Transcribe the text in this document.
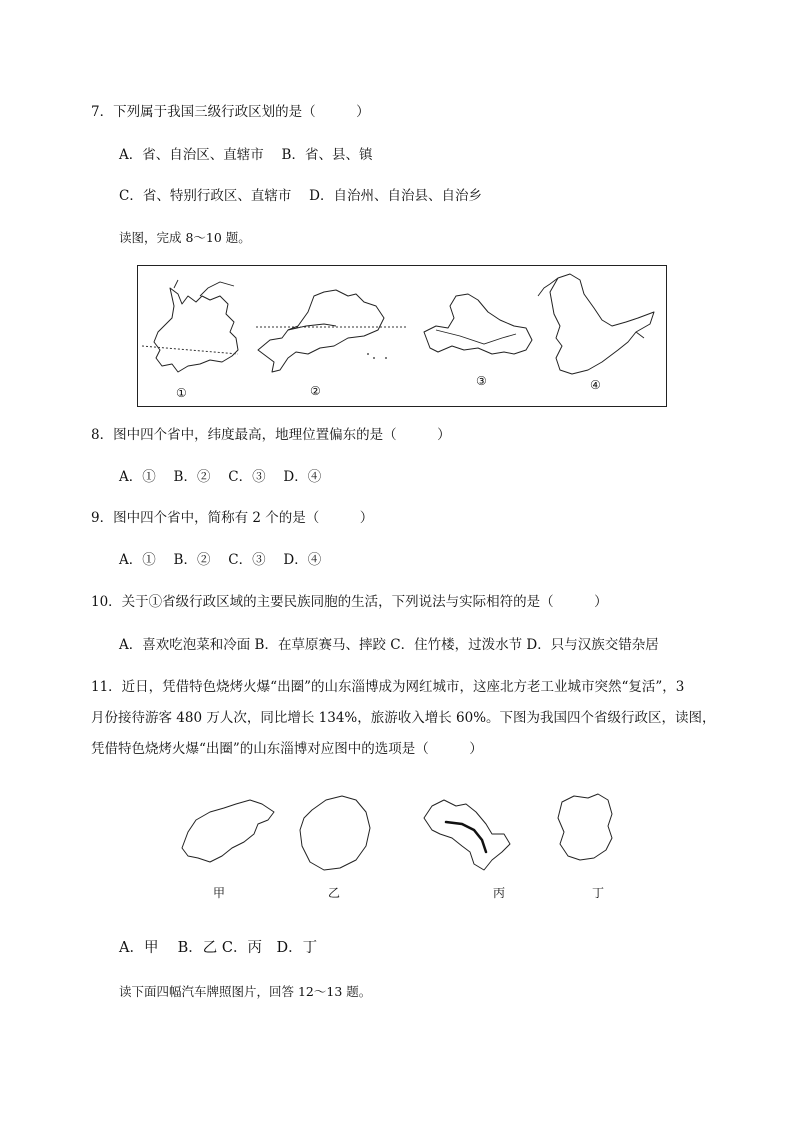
7．下列属于我国三级行政区划的是（　　　）
A．省、自治区、直辖市　 B．省、县、镇
C．省、特别行政区、直辖市　 D．自治州、自治县、自治乡
读图，完成 8～10 题。
①	②
③	④
8．图中四个省中，纬度最高，地理位置偏东的是（　　　）
A．①　 B．②　 C．③　 D．④
9．图中四个省中，简称有 2 个的是（　　　）
A．①　 B．②　 C．③　 D．④
10．关于①省级行政区域的主要民族同胞的生活，下列说法与实际相符的是（　　　）
A．喜欢吃泡菜和冷面 B．在草原赛马、摔跤 C．住竹楼，过泼水节 D．只与汉族交错杂居
11．近日，凭借特色烧烤火爆“出圈”的山东淄博成为网红城市，这座北方老工业城市突然“复活”，3
月份接待游客 480 万人次，同比增长 134%，旅游收入增长 60%。下图为我国四个省级行政区，读图，
凭借特色烧烤火爆“出圈”的山东淄博对应图中的选项是（　　　）
甲	乙	丙	丁
A．甲　 B．乙 C．丙　D．丁
读下面四幅汽车牌照图片，回答 12～13 题。
